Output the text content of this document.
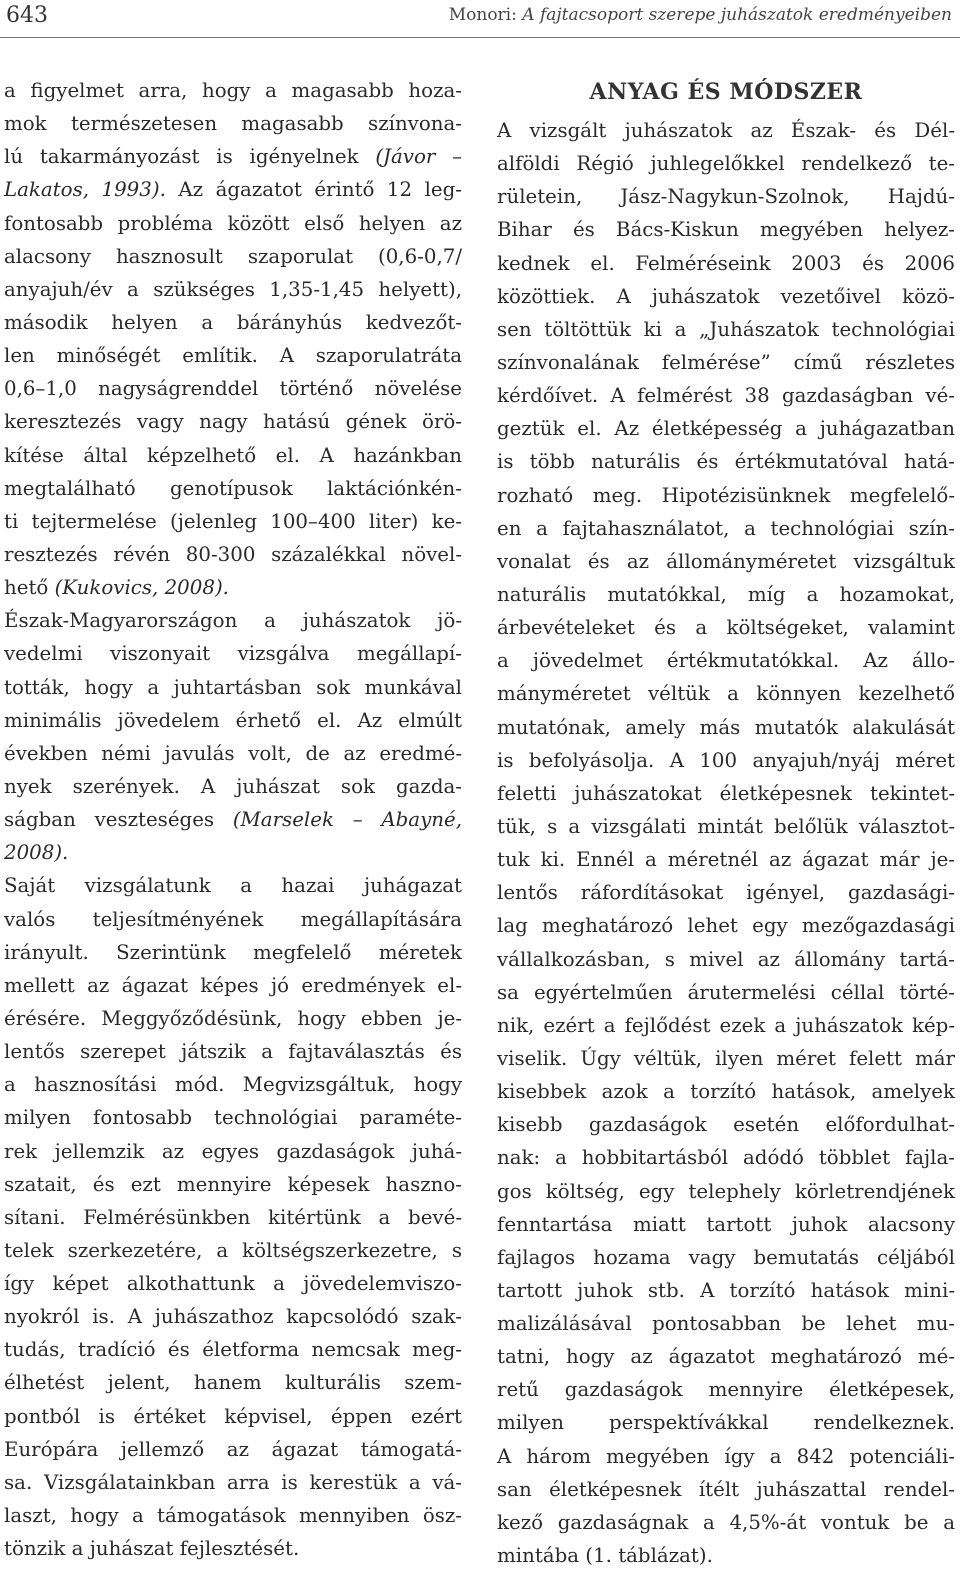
643	Monori: A fajtacsoport szerepe juhászatok eredményeiben

a figyelmet arra, hogy a magasabb hoza-
mok természetesen magasabb színvona-
lú takarmányozást is igényelnek (Jávor –
Lakatos, 1993). Az ágazatot érintő 12 leg-
fontosabb probléma között első helyen az
alacsony hasznosult szaporulat (0,6-0,7/
anyajuh/év a szükséges 1,35-1,45 helyett),
második helyen a bárányhús kedvezőt-
len minőségét említik. A szaporulatráta
0,6–1,0 nagyságrenddel történő növelése
keresztezés vagy nagy hatású gének örö-
kítése által képzelhető el. A hazánkban
megtalálható genotípusok laktációnkén-
ti tejtermelése (jelenleg 100–400 liter) ke-
resztezés révén 80-300 százalékkal növel-
hető (Kukovics, 2008).
Észak-Magyarországon a juhászatok jö-
vedelmi viszonyait vizsgálva megállapí-
tották, hogy a juhtartásban sok munkával
minimális jövedelem érhető el. Az elmúlt
években némi javulás volt, de az eredmé-
nyek szerények. A juhászat sok gazda-
ságban veszteséges (Marselek – Abayné,
2008).
Saját vizsgálatunk a hazai juhágazat
valós teljesítményének megállapítására
irányult. Szerintünk megfelelő méretek
mellett az ágazat képes jó eredmények el-
érésére. Meggyőződésünk, hogy ebben je-
lentős szerepet játszik a fajtaválasztás és
a hasznosítási mód. Megvizsgáltuk, hogy
milyen fontosabb technológiai paraméte-
rek jellemzik az egyes gazdaságok juhá-
szatait, és ezt mennyire képesek haszno-
sítani. Felmérésünkben kitértünk a bevé-
telek szerkezetére, a költségszerkezetre, s
így képet alkothattunk a jövedelemviszo-
nyokról is. A juhászathoz kapcsolódó szak-
tudás, tradíció és életforma nemcsak meg-
élhetést jelent, hanem kulturális szem-
pontból is értéket képvisel, éppen ezért
Európára jellemző az ágazat támogatá-
sa. Vizsgálatainkban arra is kerestük a vá-
laszt, hogy a támogatások mennyiben ösz-
tönzik a juhászat fejlesztését.

ANYAG ÉS MÓDSZER

A vizsgált juhászatok az Észak- és Dél-
alföldi Régió juhlegelőkkel rendelkező te-
rületein, Jász-Nagykun-Szolnok, Hajdú-
Bihar és Bács-Kiskun megyében helyez-
kednek el. Felméréseink 2003 és 2006
közöttiek. A juhászatok vezetőivel közö-
sen töltöttük ki a „Juhászatok technológiai
színvonalának felmérése” című részletes
kérdőívet. A felmérést 38 gazdaságban vé-
geztük el. Az életképesség a juhágazatban
is több naturális és értékmutatóval hatá-
rozható meg. Hipotézisünknek megfelelő-
en a fajtahasználatot, a technológiai szín-
vonalat és az állományméretet vizsgáltuk
naturális mutatókkal, míg a hozamokat,
árbevételeket és a költségeket, valamint
a jövedelmet értékmutatókkal. Az állo-
mányméretet véltük a könnyen kezelhető
mutatónak, amely más mutatók alakulását
is befolyásolja. A 100 anyajuh/nyáj méret
feletti juhászatokat életképesnek tekintet-
tük, s a vizsgálati mintát belőlük választot-
tuk ki. Ennél a méretnél az ágazat már je-
lentős ráfordításokat igényel, gazdasági-
lag meghatározó lehet egy mezőgazdasági
vállalkozásban, s mivel az állomány tartá-
sa egyértelműen árutermelési céllal törté-
nik, ezért a fejlődést ezek a juhászatok kép-
viselik. Úgy véltük, ilyen méret felett már
kisebbek azok a torzító hatások, amelyek
kisebb gazdaságok esetén előfordulhat-
nak: a hobbitartásból adódó többlet fajla-
gos költség, egy telephely körletrendjének
fenntartása miatt tartott juhok alacsony
fajlagos hozama vagy bemutatás céljából
tartott juhok stb. A torzító hatások mini-
malizálásával pontosabban be lehet mu-
tatni, hogy az ágazatot meghatározó mé-
retű gazdaságok mennyire életképesek,
milyen perspektívákkal rendelkeznek.
A három megyében így a 842 potenciáli-
san életképesnek ítélt juhászattal rendel-
kező gazdaságnak a 4,5%-át vontuk be a
mintába (1. táblázat).
